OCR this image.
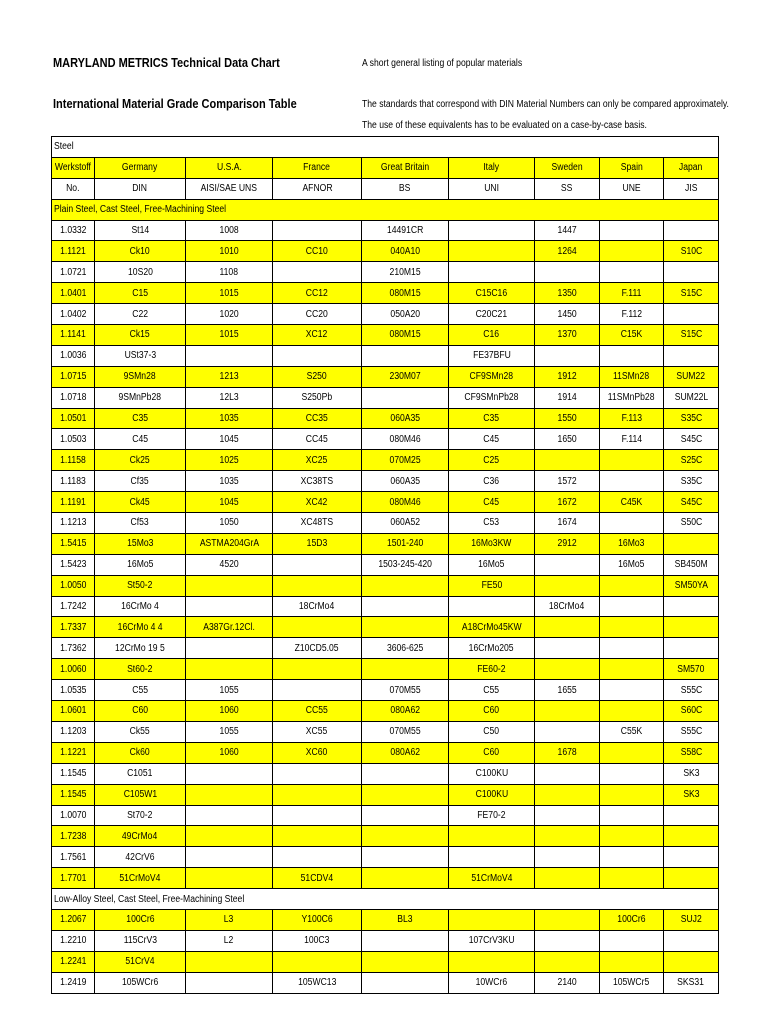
MARYLAND METRICS Technical Data Chart
International Material Grade Comparison Table
A short general listing of popular materials
The standards that correspond with DIN Material Numbers can only be compared approximately.
The use of these equivalents has to be evaluated on a case-by-case basis.
Steel								
Werkstoff	Germany	U.S.A.	France	Great Britain	Italy	Sweden	Spain	Japan
No.	DIN	AISI/SAE UNS	AFNOR	BS	UNI	SS	UNE	JIS
Plain Steel, Cast Steel, Free-Machining Steel								
1.0332	St14	1008		14491CR		1447		
1.1121	Ck10	1010	CC10	040A10		1264		S10C
1.0721	10S20	1108		210M15				
1.0401	C15	1015	CC12	080M15	C15C16	1350	F.111	S15C
1.0402	C22	1020	CC20	050A20	C20C21	1450	F.112	
1.1141	Ck15	1015	XC12	080M15	C16	1370	C15K	S15C
1.0036	USt37-3				FE37BFU			
1.0715	9SMn28	1213	S250	230M07	CF9SMn28	1912	11SMn28	SUM22
1.0718	9SMnPb28	12L3	S250Pb		CF9SMnPb28	1914	11SMnPb28	SUM22L
1.0501	C35	1035	CC35	060A35	C35	1550	F.113	S35C
1.0503	C45	1045	CC45	080M46	C45	1650	F.114	S45C
1.1158	Ck25	1025	XC25	070M25	C25			S25C
1.1183	Cf35	1035	XC38TS	060A35	C36	1572		S35C
1.1191	Ck45	1045	XC42	080M46	C45	1672	C45K	S45C
1.1213	Cf53	1050	XC48TS	060A52	C53	1674		S50C
1.5415	15Mo3	ASTMA204GrA	15D3	1501-240	16Mo3KW	2912	16Mo3	
1.5423	16Mo5	4520		1503-245-420	16Mo5		16Mo5	SB450M
1.0050	St50-2				FE50			SM50YA
1.7242	16CrMo 4		18CrMo4			18CrMo4		
1.7337	16CrMo 4 4	A387Gr.12Cl.			A18CrMo45KW			
1.7362	12CrMo 19 5		Z10CD5.05	3606-625	16CrMo205			
1.0060	St60-2				FE60-2			SM570
1.0535	C55	1055		070M55	C55	1655		S55C
1.0601	C60	1060	CC55	080A62	C60			S60C
1.1203	Ck55	1055	XC55	070M55	C50		C55K	S55C
1.1221	Ck60	1060	XC60	080A62	C60	1678		S58C
1.1545	C1051				C100KU			SK3
1.1545	C105W1				C100KU			SK3
1.0070	St70-2				FE70-2			
1.7238	49CrMo4							
1.7561	42CrV6							
1.7701	51CrMoV4		51CDV4		51CrMoV4			
Low-Alloy Steel, Cast Steel, Free-Machining Steel								
1.2067	100Cr6	L3	Y100C6	BL3			100Cr6	SUJ2
1.2210	115CrV3	L2	100C3		107CrV3KU			
1.2241	51CrV4							
1.2419	105WCr6		105WC13		10WCr6	2140	105WCr5	SKS31
